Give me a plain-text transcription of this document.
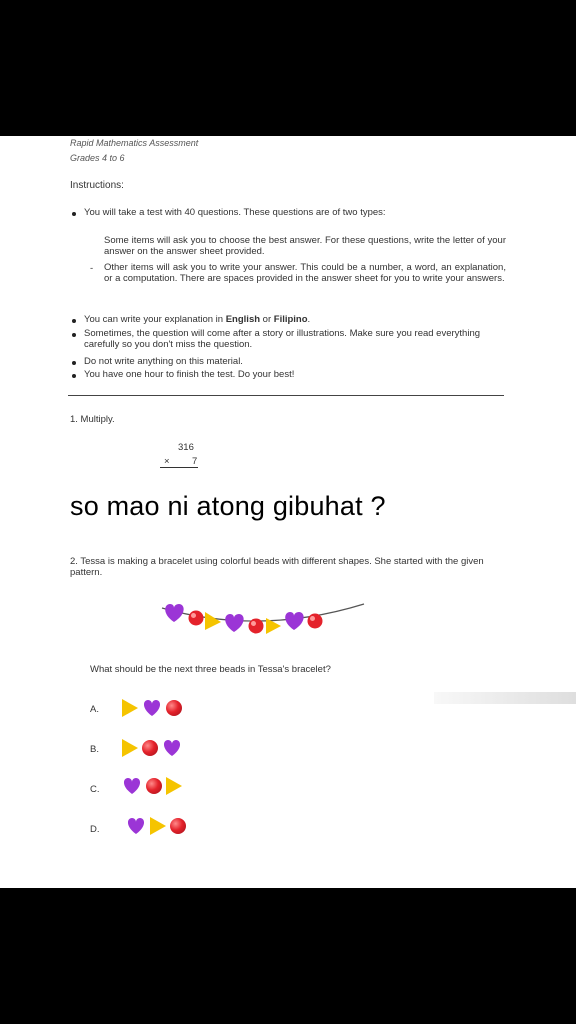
Rapid Mathematics Assessment
Grades 4 to 6
Instructions:
You will take a test with 40 questions. These questions are of two types:
Some items will ask you to choose the best answer. For these questions, write the letter of your answer on the answer sheet provided.
- Other items will ask you to write your answer. This could be a number, a word, an explanation, or a computation. There are spaces provided in the answer sheet for you to write your answers.
You can write your explanation in English or Filipino.
Sometimes, the question will come after a story or illustrations. Make sure you read everything carefully so you don't miss the question.
Do not write anything on this material.
You have one hour to finish the test. Do your best!
1. Multiply.
316
× 7
so mao ni atong gibuhat ?
2. Tessa is making a bracelet using colorful beads with different shapes. She started with the given pattern.
What should be the next three beads in Tessa's bracelet?
A.
B.
C.
D.
